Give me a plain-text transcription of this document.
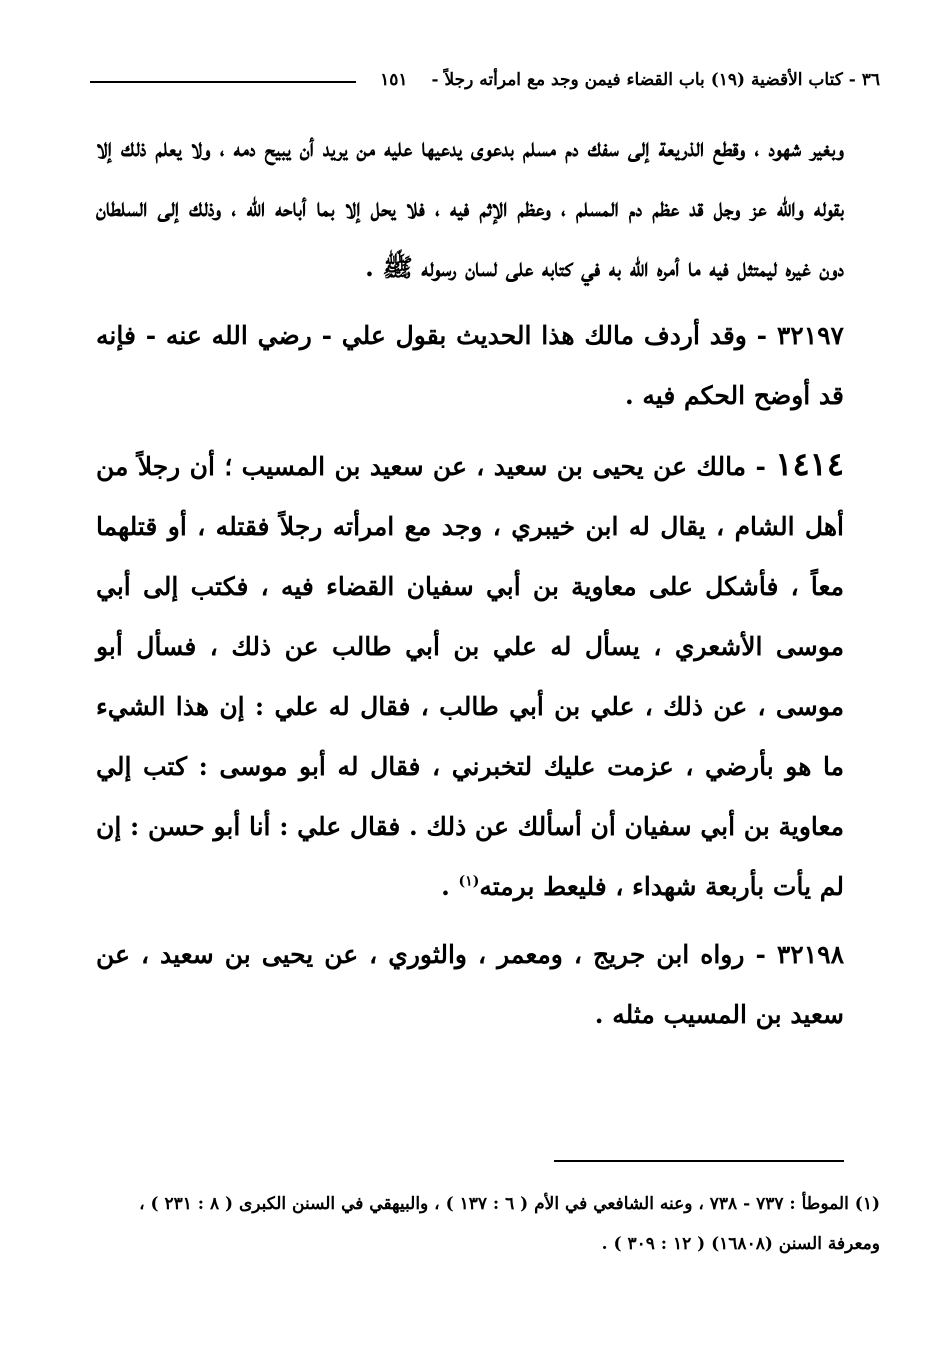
٣٦ - كتاب الأقضية (١٩) باب القضاء فيمن وجد مع امرأته رجلاً -
١٥١

وبغير شهود ، وقطع الذريعة إلى سفك دم مسلم بدعوى يدعيها عليه من يريد أن يبيح دمه ، ولا يعلم ذلك إلا بقوله والله عز وجل قد عظم دم المسلم ، وعظم الإثم فيه ، فلا يحل إلا بما أباحه الله ، وذلك إلى السلطان دون غيره ليمتثل فيه ما أمره الله به في كتابه على لسان رسوله ﷺ .

٣٢١٩٧ - وقد أردف مالك هذا الحديث بقول علي - رضي الله عنه - فإنه قد أوضح الحكم فيه .

١٤١٤ - مالك عن يحيى بن سعيد ، عن سعيد بن المسيب ؛ أن رجلاً من أهل الشام ، يقال له ابن خيبري ، وجد مع امرأته رجلاً فقتله ، أو قتلهما معاً ، فأشكل على معاوية بن أبي سفيان القضاء فيه ، فكتب إلى أبي موسى الأشعري ، يسأل له علي بن أبي طالب عن ذلك ، فسأل أبو موسى ، عن ذلك ، علي بن أبي طالب ، فقال له علي : إن هذا الشيء ما هو بأرضي ، عزمت عليك لتخبرني ، فقال له أبو موسى : كتب إلي معاوية بن أبي سفيان أن أسألك عن ذلك . فقال علي : أنا أبو حسن : إن لم يأت بأربعة شهداء ، فليعط برمته$^{(١)}$ .

٣٢١٩٨ - رواه ابن جريج ، ومعمر ، والثوري ، عن يحيى بن سعيد ، عن سعيد بن المسيب مثله .

(١) الموطأ : ٧٣٧ - ٧٣٨ ، وعنه الشافعي في الأم ( ٦ : ١٣٧ ) ، والبيهقي في السنن الكبرى ( ٨ : ٢٣١ ) ، ومعرفة السنن (١٦٨٠٨) ( ١٢ : ٣٠٩ ) .
